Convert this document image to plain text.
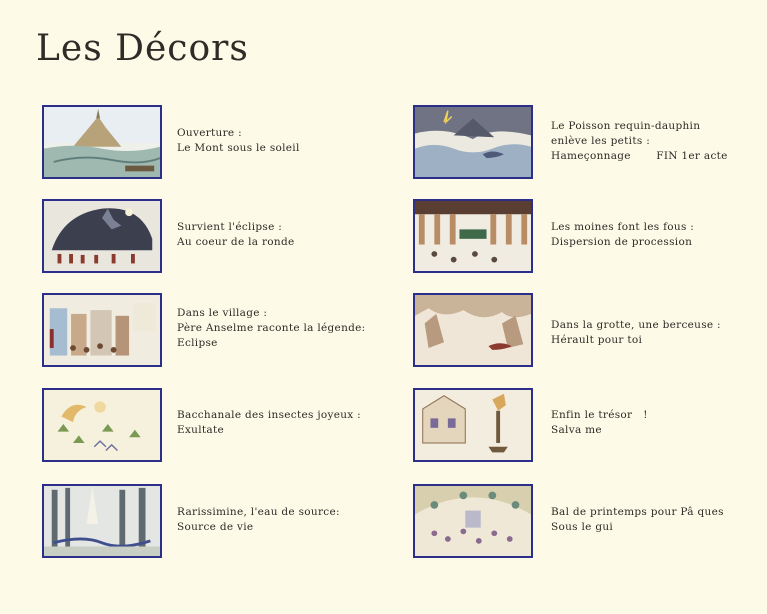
Les Décors
Ouverture :
Le Mont sous le soleil
Survient l'éclipse :
Au coeur de la ronde
Dans le village :
Père Anselme raconte la légende:
Eclipse
Bacchanale des insectes joyeux :
Exultate
Rarissimine, l'eau de source:
Source de vie
Le Poisson requin-dauphin
enlève les petits :
Hameçonnage       FIN 1er acte
Les moines font les fous :
Dispersion de procession
Dans la grotte, une berceuse :
Hérault pour toi
Enfin le trésor   !
Salva me
Bal de printemps pour Pâ ques
Sous le gui
